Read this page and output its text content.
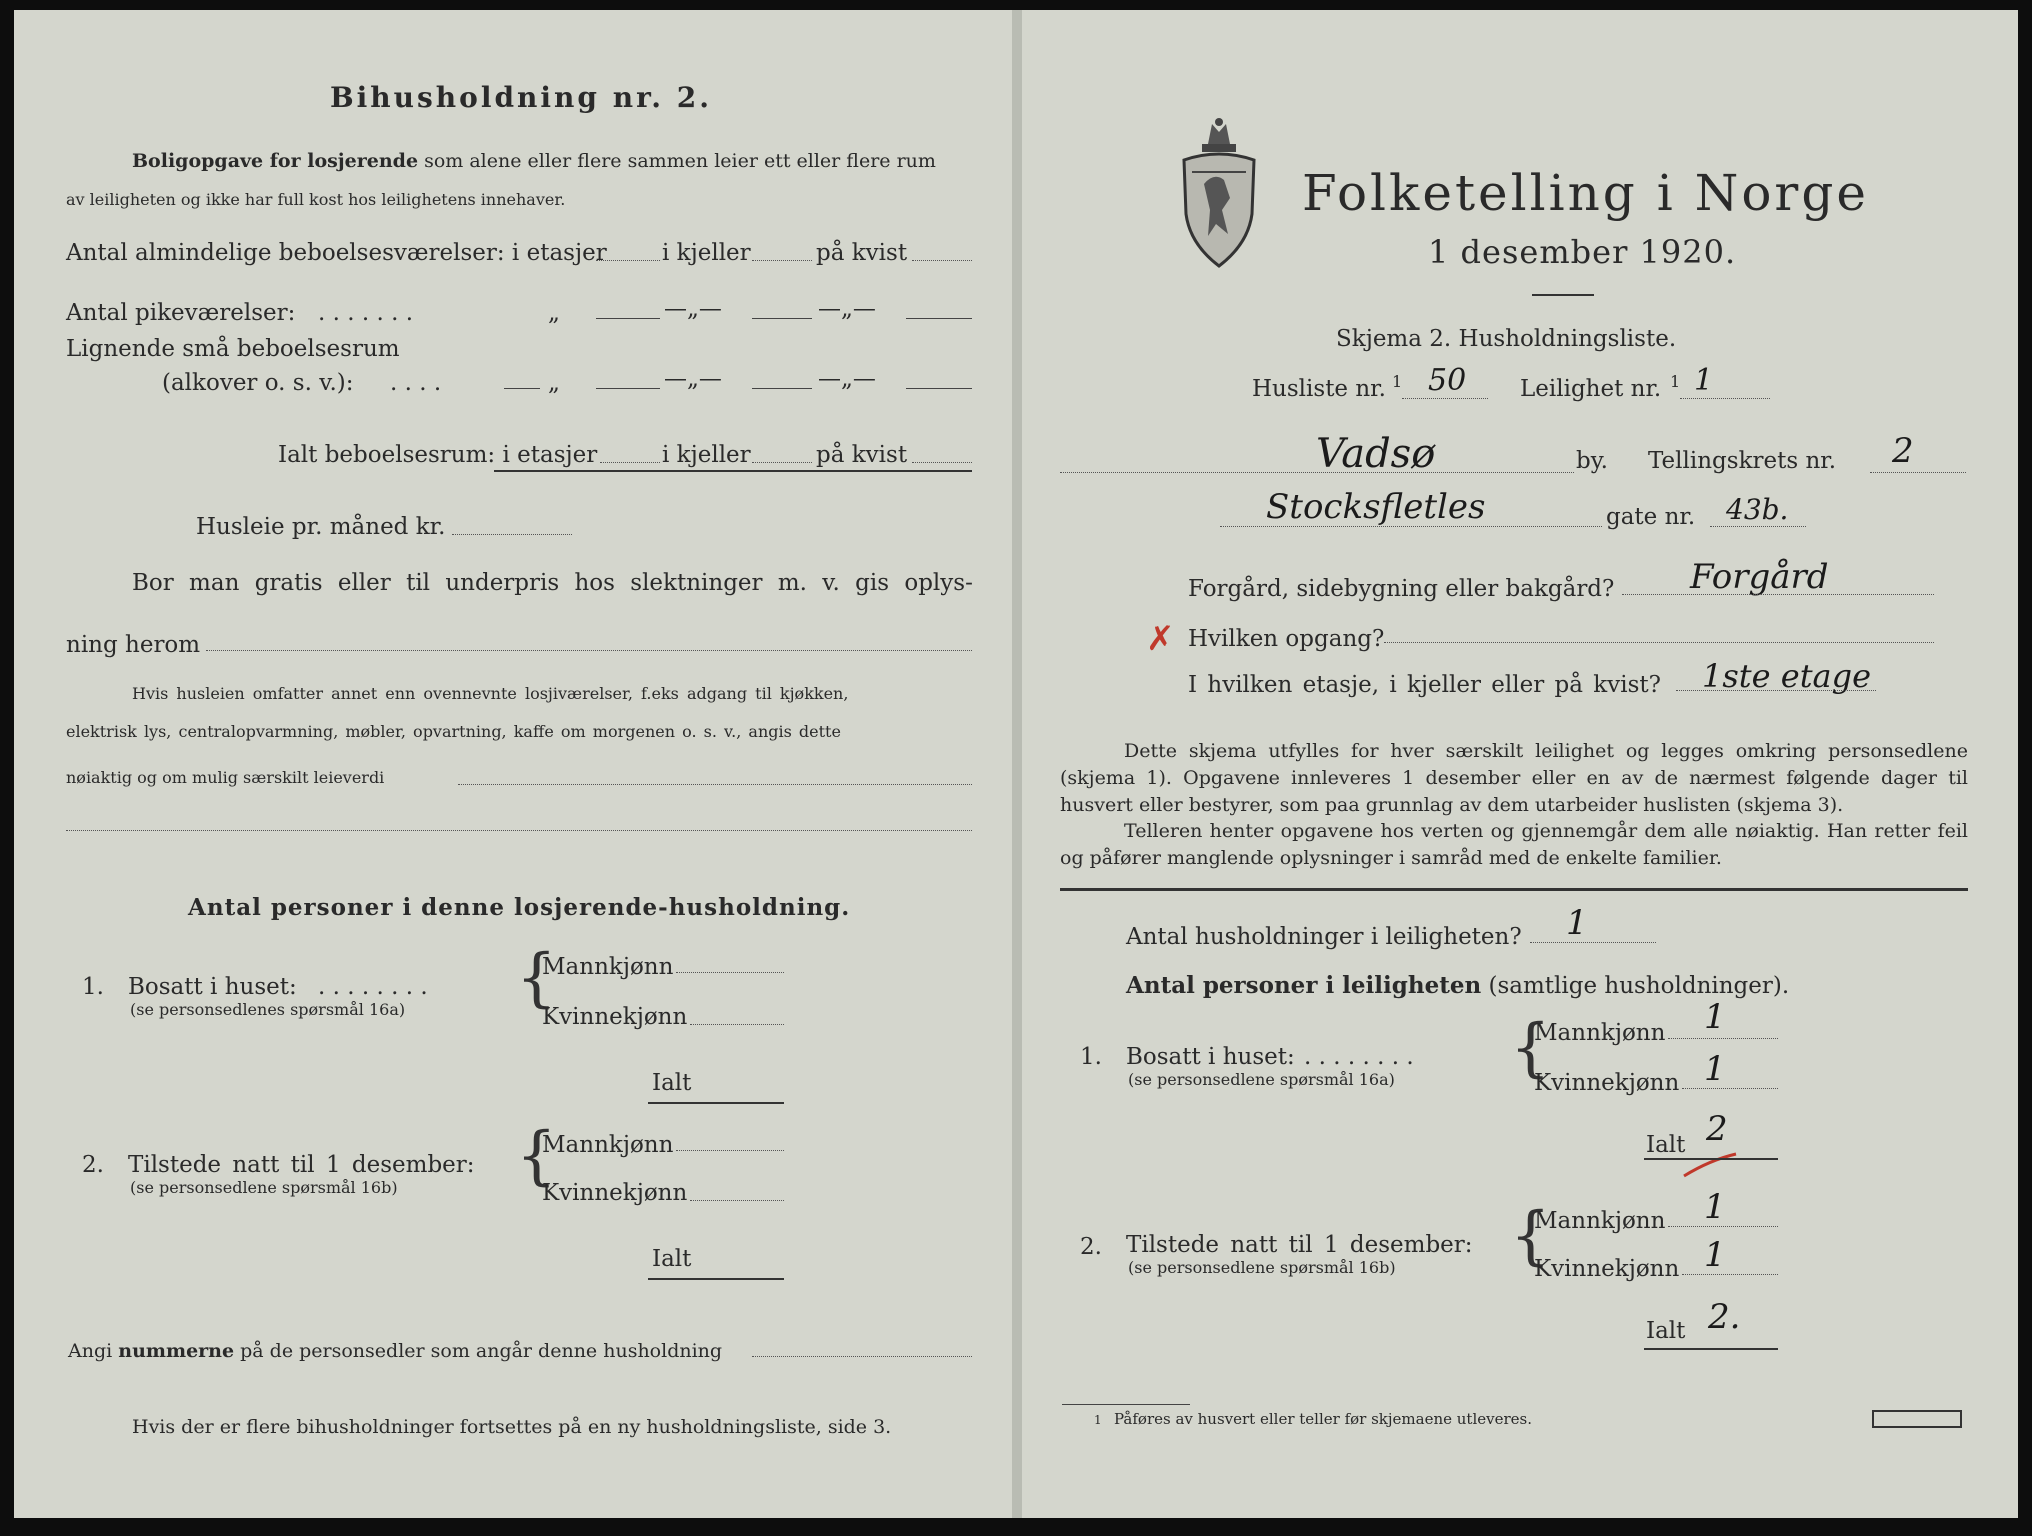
Bihusholdning nr. 2.
Boligopgave for losjerende som alene eller flere sammen leier ett eller flere rum
av leiligheten og ikke har full kost hos leilighetens innehaver.
Antal almindelige beboelsesværelser: i etasjer i kjeller	på kvist
Antal pikeværelser: . . . . . . .	„	—„—	—„—
Lignende små beboelsesrum
(alkover o. s. v.): . . . .	„	—„—	—„—
Ialt beboelsesrum: i etasjer	i kjeller	på kvist
Husleie pr. måned kr.
Bor man gratis eller til underpris hos slektninger m. v. gis oplys-
ning herom
Hvis husleien omfatter annet enn ovennevnte losjiværelser, f.eks adgang til kjøkken,
elektrisk lys, centralopvarmning, møbler, opvartning, kaffe om morgenen o. s. v., angis dette
nøiaktig og om mulig særskilt leieverdi
Antal personer i denne losjerende-husholdning.
1. Bosatt i huset: . . . . . . . .
(se personsedlenes spørsmål 16a) {
Mannkjønn
Kvinnekjønn
Ialt
2. Tilstede natt til 1 desember:
(se personsedlene spørsmål 16b) {
Mannkjønn
Kvinnekjønn
Ialt
Angi nummerne på de personsedler som angår denne husholdning
Hvis der er flere bihusholdninger fortsettes på en ny husholdningsliste, side 3.
Folketelling i Norge
1 desember 1920.
Skjema 2. Husholdningsliste.
Husliste nr. 1 50 Leilighet nr. 1 1
Vadsø	by. Tellingskrets nr. 2
Stocksfletles	gate nr. 43b.
Forgård, sidebygning eller bakgård? Forgård
✗ Hvilken opgang?
I hvilken etasje, i kjeller eller på kvist? 1ste etage
Dette skjema utfylles for hver særskilt leilighet og legges omkring personsedlene (skjema 1). Opgavene innleveres 1 desember eller en av de nærmest følgende dager til husvert eller bestyrer, som paa grunnlag av dem utarbeider huslisten (skjema 3).
Telleren henter opgavene hos verten og gjennemgår dem alle nøiaktig. Han retter feil og påfører manglende oplysninger i samråd med de enkelte familier.
Antal husholdninger i leiligheten? 1
Antal personer i leiligheten (samtlige husholdninger).
1. Bosatt i huset: . . . . . . . .
(se personsedlene spørsmål 16a) {
Mannkjønn 1
Kvinnekjønn 1
Ialt 2
2. Tilstede natt til 1 desember:
(se personsedlene spørsmål 16b) {
Mannkjønn 1
Kvinnekjønn 1
Ialt 2.
1 Påføres av husvert eller teller før skjemaene utleveres.
